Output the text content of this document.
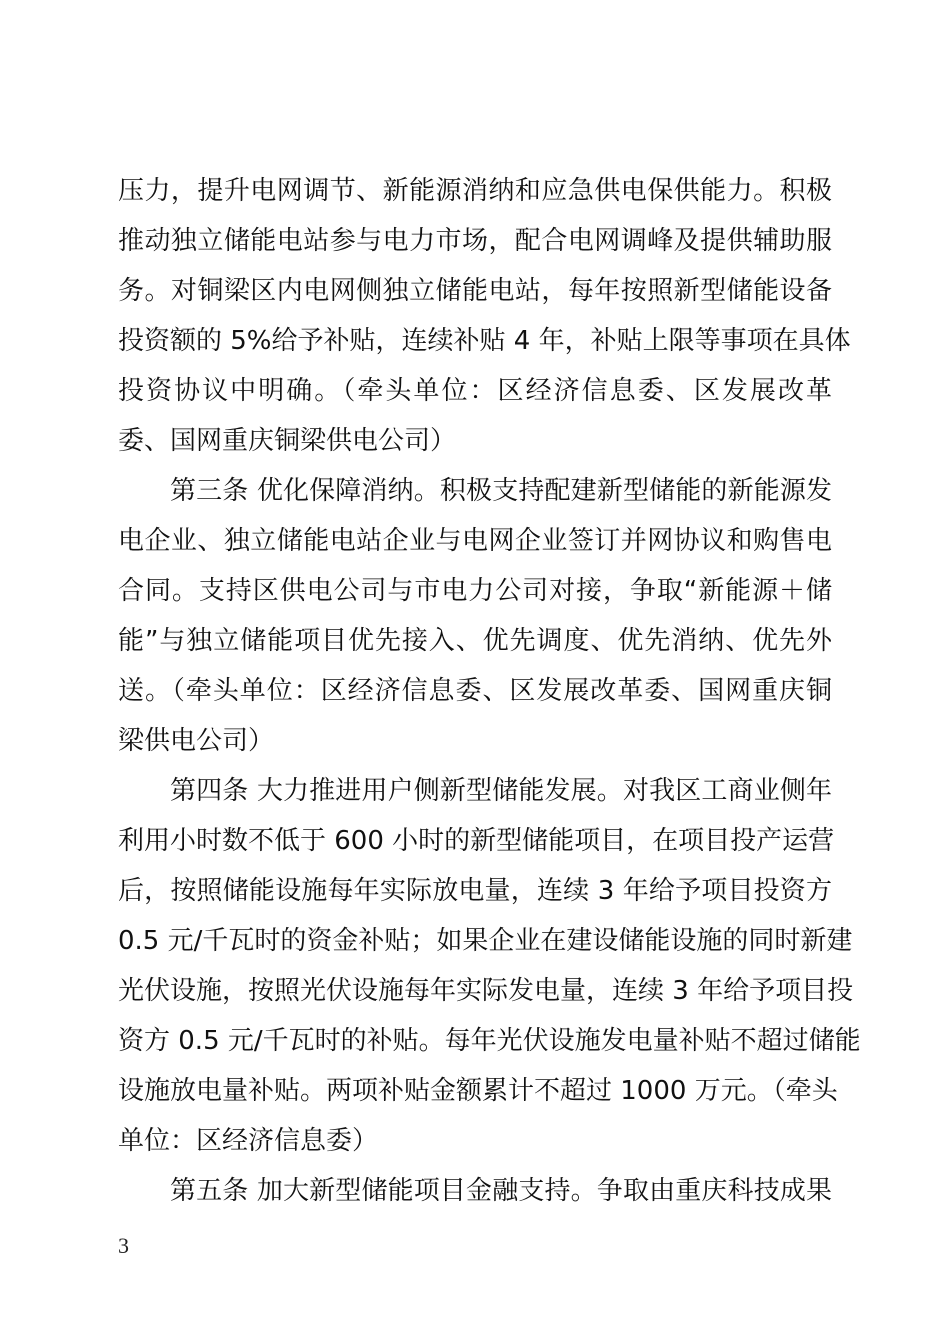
压力，提升电网调节、新能源消纳和应急供电保供能力。积极
推动独立储能电站参与电力市场，配合电网调峰及提供辅助服
务。对铜梁区内电网侧独立储能电站，每年按照新型储能设备
投资额的 5%给予补贴，连续补贴 4 年，补贴上限等事项在具体
投资协议中明确。（牵头单位：区经济信息委、区发展改革
委、国网重庆铜梁供电公司）
第三条 优化保障消纳。积极支持配建新型储能的新能源发
电企业、独立储能电站企业与电网企业签订并网协议和购售电
合同。支持区供电公司与市电力公司对接，争取“新能源＋储
能”与独立储能项目优先接入、优先调度、优先消纳、优先外
送。（牵头单位：区经济信息委、区发展改革委、国网重庆铜
梁供电公司）
第四条 大力推进用户侧新型储能发展。对我区工商业侧年
利用小时数不低于 600 小时的新型储能项目，在项目投产运营
后，按照储能设施每年实际放电量，连续 3 年给予项目投资方
0.5 元/千瓦时的资金补贴；如果企业在建设储能设施的同时新建
光伏设施，按照光伏设施每年实际发电量，连续 3 年给予项目投
资方 0.5 元/千瓦时的补贴。每年光伏设施发电量补贴不超过储能
设施放电量补贴。两项补贴金额累计不超过 1000 万元。（牵头
单位：区经济信息委）
第五条 加大新型储能项目金融支持。争取由重庆科技成果
3
